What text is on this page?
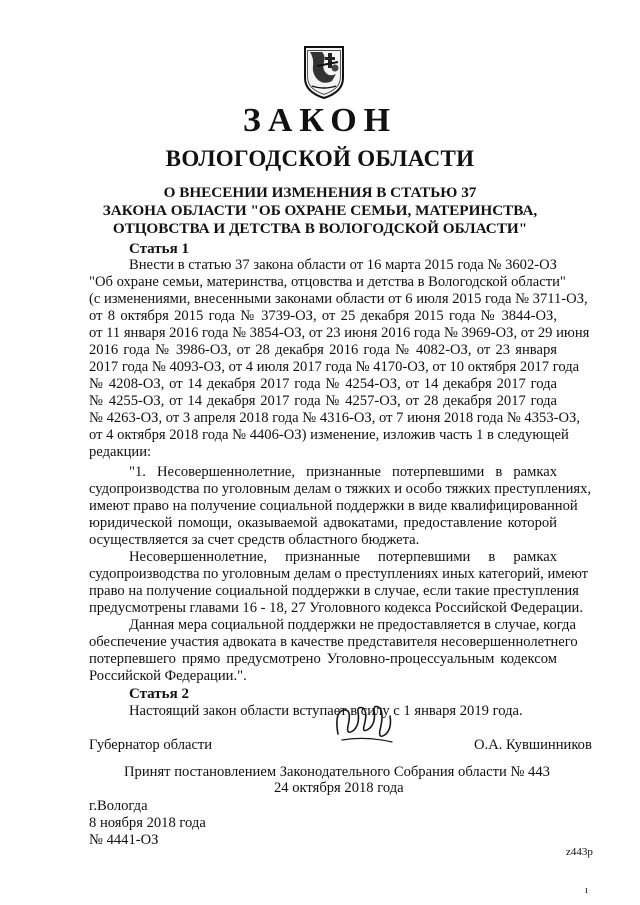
ЗАКОН
ВОЛОГОДСКОЙ ОБЛАСТИ
О ВНЕСЕНИИ ИЗМЕНЕНИЯ В СТАТЬЮ 37
ЗАКОНА ОБЛАСТИ "ОБ ОХРАНЕ СЕМЬИ, МАТЕРИНСТВА,
ОТЦОВСТВА И ДЕТСТВА В ВОЛОГОДСКОЙ ОБЛАСТИ"
Статья 1
Внести в статью 37 закона области от 16 марта 2015 года № 3602-ОЗ
"Об охране семьи, материнства, отцовства и детства в Вологодской области"
(с изменениями, внесенными законами области от 6 июля 2015 года № 3711-ОЗ,
от 8 октября 2015 года № 3739-ОЗ, от 25 декабря 2015 года № 3844-ОЗ,
от 11 января 2016 года № 3854-ОЗ, от 23 июня 2016 года № 3969-ОЗ, от 29 июня
2016 года № 3986-ОЗ, от 28 декабря 2016 года № 4082-ОЗ, от 23 января
2017 года № 4093-ОЗ, от 4 июля 2017 года № 4170-ОЗ, от 10 октября 2017 года
№ 4208-ОЗ, от 14 декабря 2017 года № 4254-ОЗ, от 14 декабря 2017 года
№ 4255-ОЗ, от 14 декабря 2017 года № 4257-ОЗ, от 28 декабря 2017 года
№ 4263-ОЗ, от 3 апреля 2018 года № 4316-ОЗ, от 7 июня 2018 года № 4353-ОЗ,
от 4 октября 2018 года № 4406-ОЗ) изменение, изложив часть 1 в следующей
редакции:
"1. Несовершеннолетние, признанные потерпевшими в рамках
судопроизводства по уголовным делам о тяжких и особо тяжких преступлениях,
имеют право на получение социальной поддержки в виде квалифицированной
юридической помощи, оказываемой адвокатами, предоставление которой
осуществляется за счет средств областного бюджета.
Несовершеннолетние, признанные потерпевшими в рамках
судопроизводства по уголовным делам о преступлениях иных категорий, имеют
право на получение социальной поддержки в случае, если такие преступления
предусмотрены главами 16 - 18, 27 Уголовного кодекса Российской Федерации.
Данная мера социальной поддержки не предоставляется в случае, когда
обеспечение участия адвоката в качестве представителя несовершеннолетнего
потерпевшего прямо предусмотрено Уголовно-процессуальным кодексом
Российской Федерации.".
Статья 2
Настоящий закон области вступает в силу с 1 января 2019 года.
Губернатор области	О.А. Кувшинников
Принят постановлением Законодательного Собрания области № 443
24 октября 2018 года
г.Вологда
8 ноября 2018 года
№ 4441-ОЗ
z443p
ı
